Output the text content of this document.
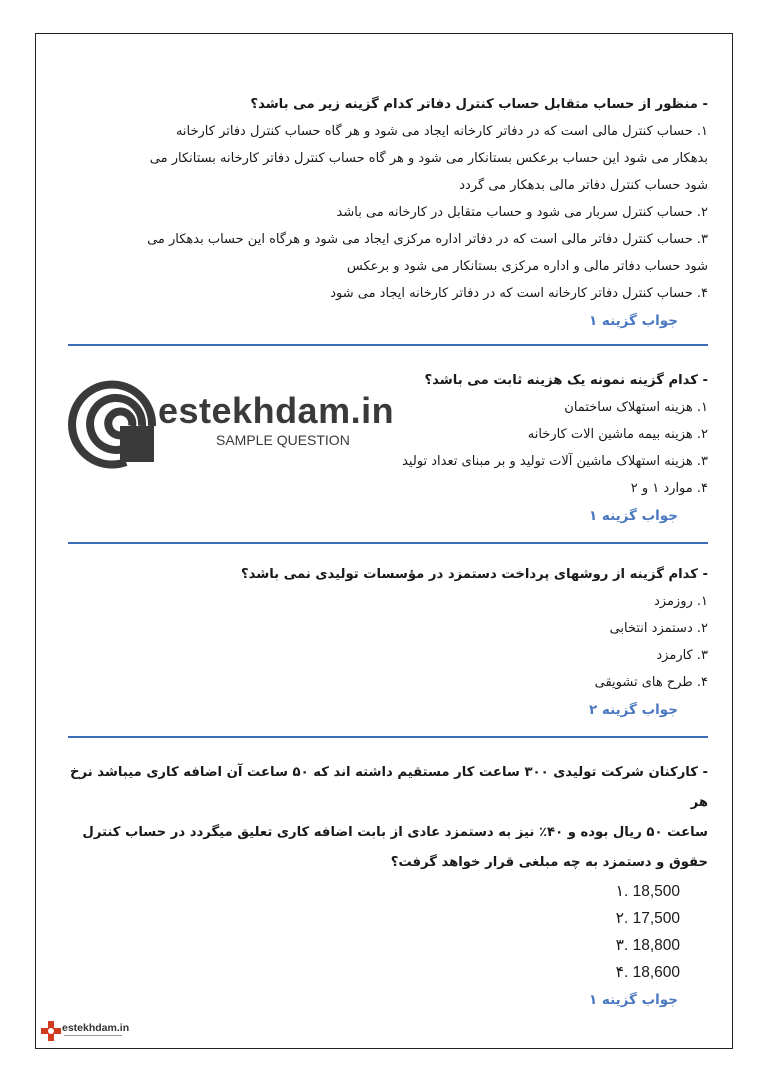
- منظور از حساب متقابل حساب کنترل دفاتر کدام گزینه زیر می باشد؟

۱. حساب کنترل مالی است که در دفاتر کارخانه ایجاد می شود و هر گاه حساب کنترل دفاتر کارخانه

بدهکار می شود این حساب برعکس بستانکار می شود و هر گاه حساب کنترل دفاتر کارخانه بستانکار می

شود حساب کنترل دفاتر مالی بدهکار می گردد

۲. حساب کنترل سربار می شود و حساب متقابل در کارخانه می باشد

۳. حساب کنترل دفاتر مالی است که در دفاتر اداره مرکزی ایجاد می شود و هرگاه این حساب بدهکار می

شود حساب دفاتر مالی و اداره مرکزی بستانکار می شود و برعکس

۴. حساب کنترل دفاتر کارخانه است که در دفاتر کارخانه ایجاد می شود

جواب گزینه ۱

estekhdam.in
SAMPLE QUESTION

- کدام گزینه نمونه یک هزینه ثابت می باشد؟

۱. هزینه استهلاک ساختمان

۲. هزینه بیمه ماشین الات کارخانه

۳. هزینه استهلاک ماشین آلات تولید و بر مبنای تعداد تولید

۴. موارد ۱ و ۲

جواب گزینه ۱

- کدام گزینه از روشهای پرداخت دستمزد در مؤسسات تولیدی نمی باشد؟

۱. روزمزد

۲. دستمزد انتخابی

۳. کارمزد

۴. طرح های تشویقی

جواب گزینه ۲

- کارکنان شرکت تولیدی ۳۰۰ ساعت کار مستقیم داشته اند که ۵۰ ساعت آن اضافه کاری میباشد نرخ هر

ساعت ۵۰ ریال بوده و ۴۰٪ نیز به دستمزد عادی از بابت اضافه کاری تعلیق میگردد در حساب کنترل

حقوق و دستمزد به چه مبلغی قرار خواهد گرفت؟

18,500 .۱

17,500 .۲

18,800 .۳

18,600 .۴

جواب گزینه ۱

estekhdam.in
